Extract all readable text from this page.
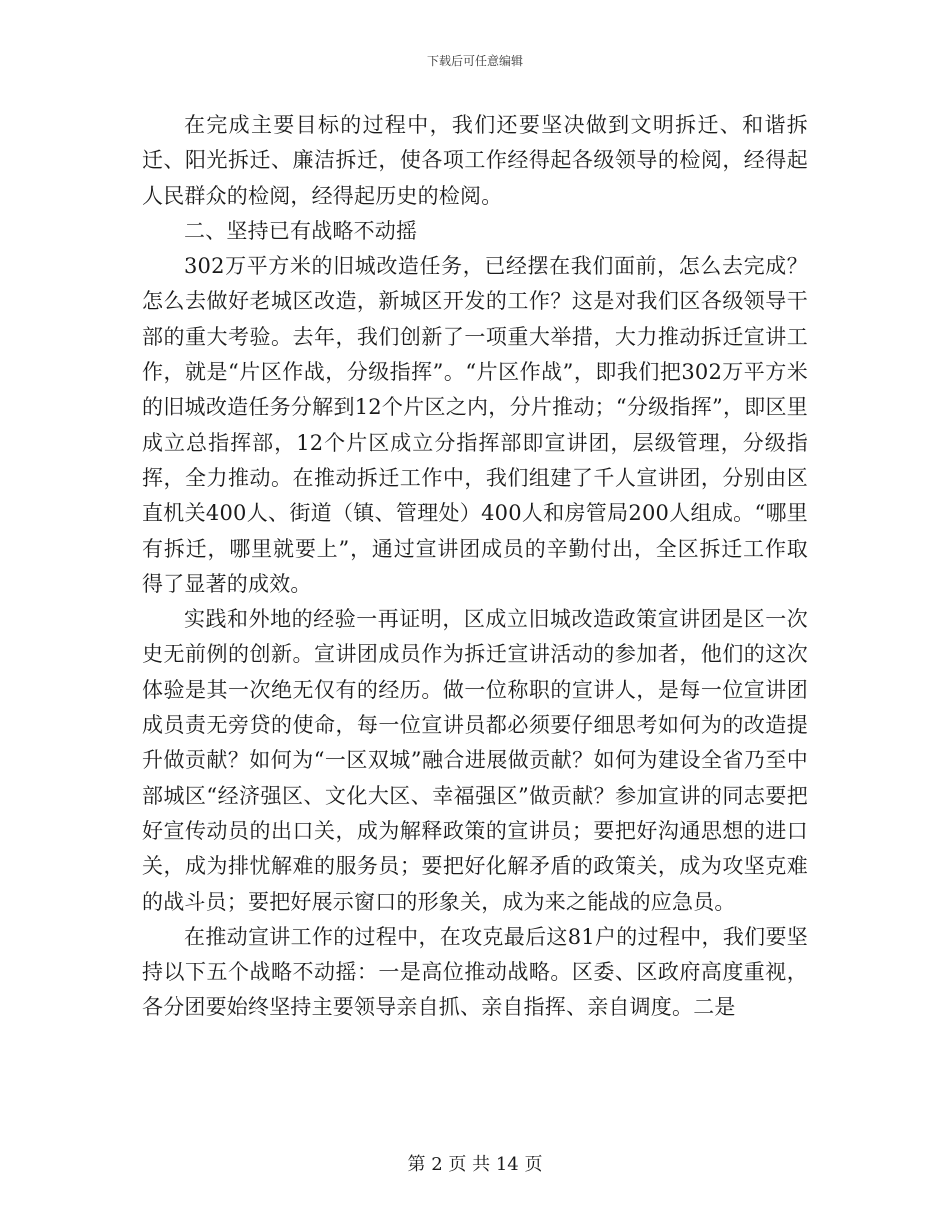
下载后可任意编辑

在完成主要目标的过程中，我们还要坚决做到文明拆迁、和谐拆迁、阳光拆迁、廉洁拆迁，使各项工作经得起各级领导的检阅，经得起人民群众的检阅，经得起历史的检阅。

二、坚持已有战略不动摇

302万平方米的旧城改造任务，已经摆在我们面前，怎么去完成？怎么去做好老城区改造，新城区开发的工作？这是对我们区各级领导干部的重大考验。去年，我们创新了一项重大举措，大力推动拆迁宣讲工作，就是“片区作战，分级指挥”。“片区作战”，即我们把302万平方米的旧城改造任务分解到12个片区之内，分片推动；“分级指挥”，即区里成立总指挥部，12个片区成立分指挥部即宣讲团，层级管理，分级指挥，全力推动。在推动拆迁工作中，我们组建了千人宣讲团，分别由区直机关400人、街道（镇、管理处）400人和房管局200人组成。“哪里有拆迁，哪里就要上”，通过宣讲团成员的辛勤付出，全区拆迁工作取得了显著的成效。

实践和外地的经验一再证明，区成立旧城改造政策宣讲团是区一次史无前例的创新。宣讲团成员作为拆迁宣讲活动的参加者，他们的这次体验是其一次绝无仅有的经历。做一位称职的宣讲人，是每一位宣讲团成员责无旁贷的使命，每一位宣讲员都必须要仔细思考如何为的改造提升做贡献？如何为“一区双城”融合进展做贡献？如何为建设全省乃至中部城区“经济强区、文化大区、幸福强区”做贡献？参加宣讲的同志要把好宣传动员的出口关，成为解释政策的宣讲员；要把好沟通思想的进口关，成为排忧解难的服务员；要把好化解矛盾的政策关，成为攻坚克难的战斗员；要把好展示窗口的形象关，成为来之能战的应急员。

在推动宣讲工作的过程中，在攻克最后这81户的过程中，我们要坚持以下五个战略不动摇：一是高位推动战略。区委、区政府高度重视，各分团要始终坚持主要领导亲自抓、亲自指挥、亲自调度。二是

第 2 页 共 14 页
